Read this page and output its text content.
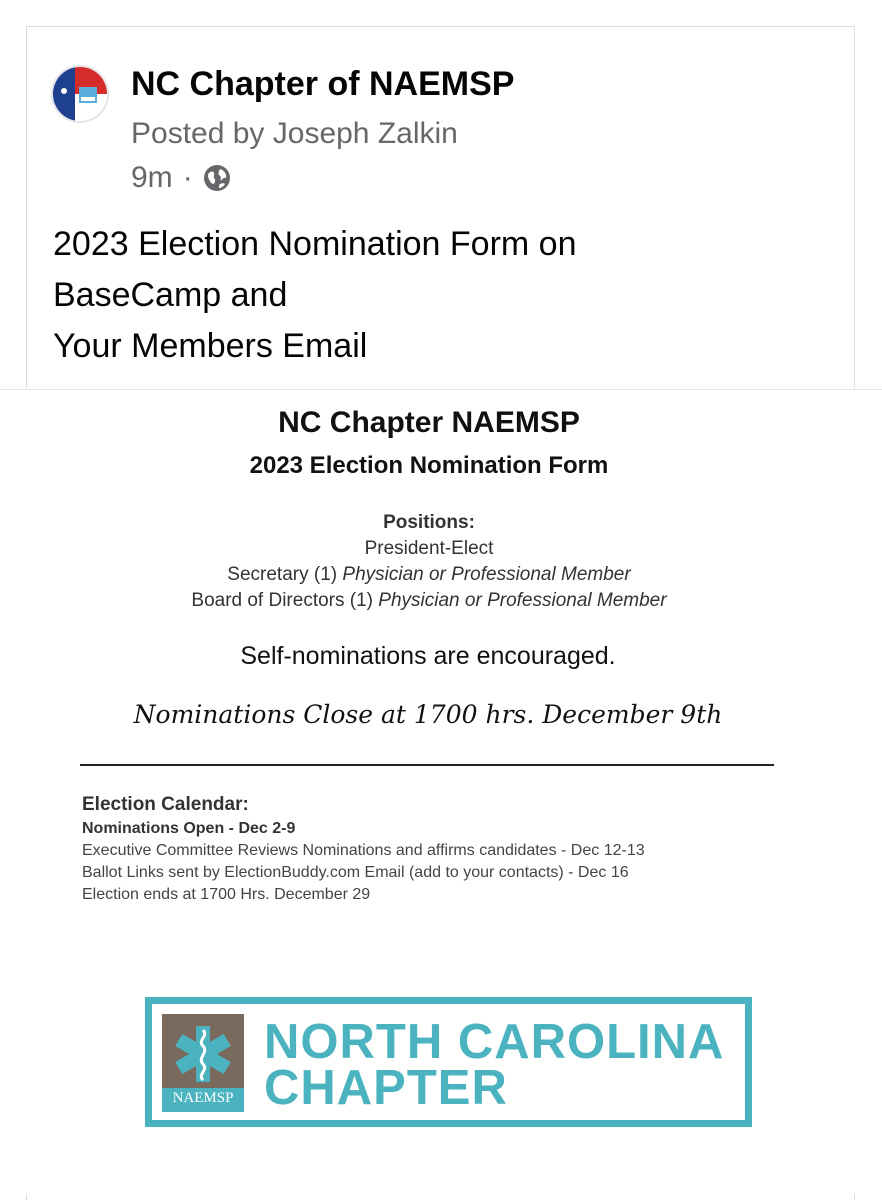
NC Chapter of NAEMSP
Posted by Joseph Zalkin
9m ·
2023 Election Nomination Form on
BaseCamp and
Your Members Email
NC Chapter NAEMSP
2023 Election Nomination Form
Positions:
President-Elect
Secretary (1) Physician or Professional Member
Board of Directors (1) Physician or Professional Member
Self-nominations are encouraged.
Nominations Close at 1700 hrs. December 9th
Election Calendar:
Nominations Open - Dec 2-9
Executive Committee Reviews Nominations and affirms candidates - Dec 12-13
Ballot Links sent by ElectionBuddy.com Email (add to your contacts) - Dec 16
Election ends at 1700 Hrs. December 29
NAEMSP
NORTH CAROLINA
CHAPTER
